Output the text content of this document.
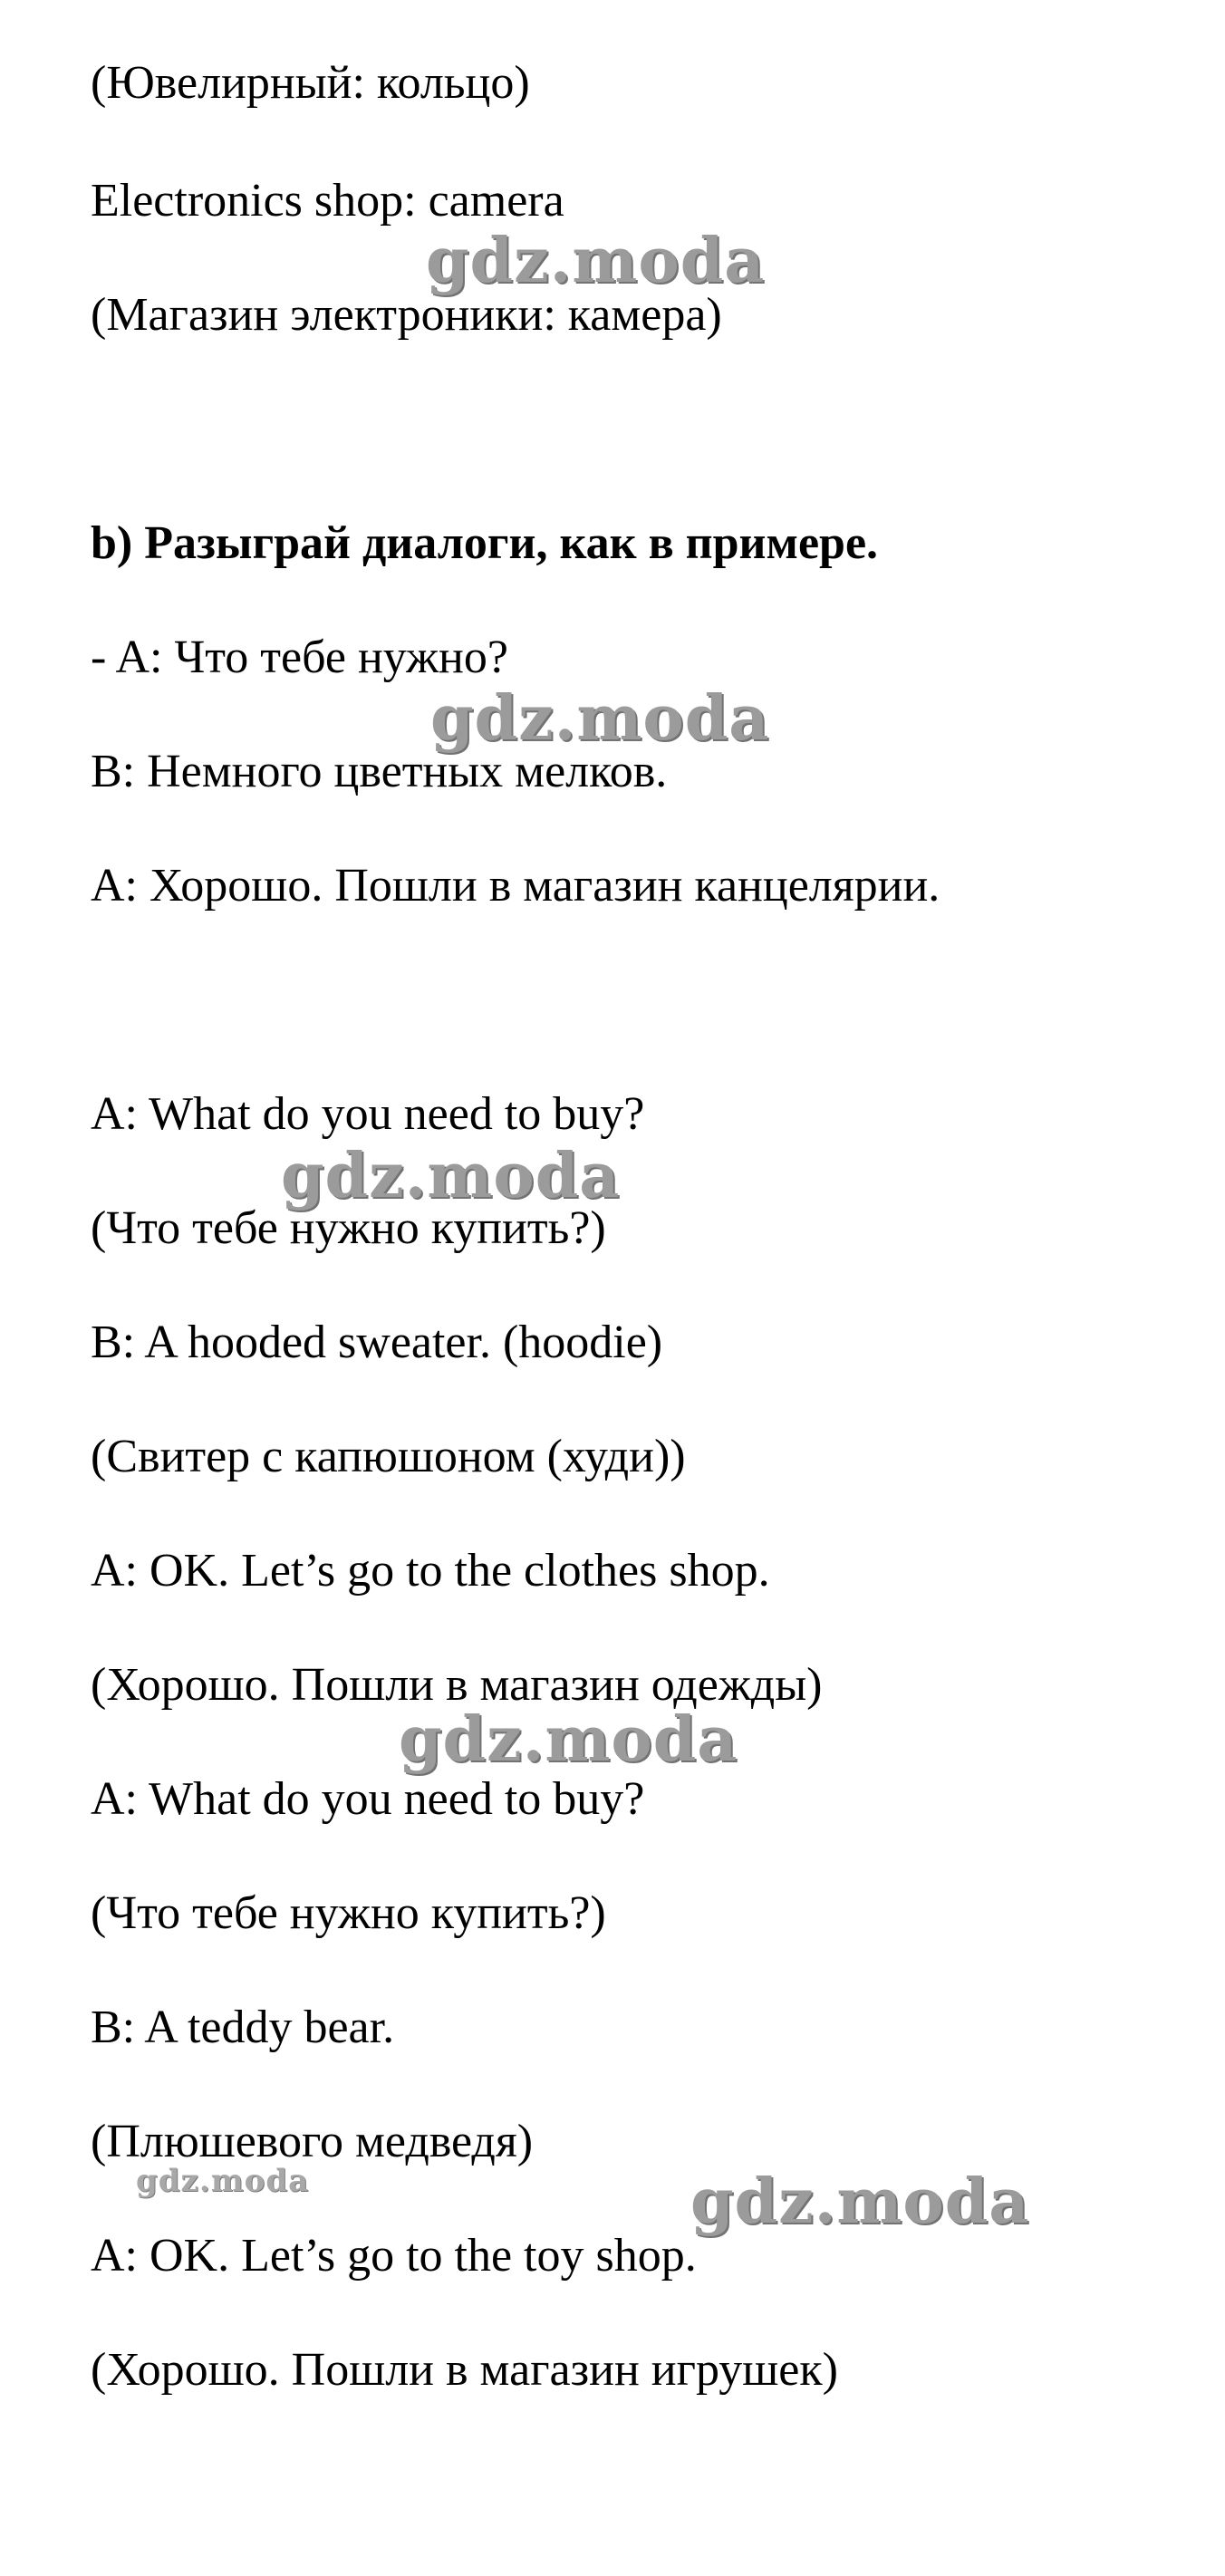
(Ювелирный: кольцо)

Electronics shop: camera

(Магазин электроники: камера)

b) Разыграй диалоги, как в примере.

- A: Что тебе нужно?

B: Немного цветных мелков.

A: Хорошо. Пошли в магазин канцелярии.

A: What do you need to buy?

(Что тебе нужно купить?)

B: A hooded sweater. (hoodie)

(Свитер с капюшоном (худи))

A: OK. Let’s go to the clothes shop.

(Хорошо. Пошли в магазин одежды)

A: What do you need to buy?

(Что тебе нужно купить?)

B: A teddy bear.

(Плюшевого медведя)

A: OK. Let’s go to the toy shop.

(Хорошо. Пошли в магазин игрушек)

gdz.moda
gdz.moda
gdz.moda
gdz.moda
gdz.moda	gdz.moda
